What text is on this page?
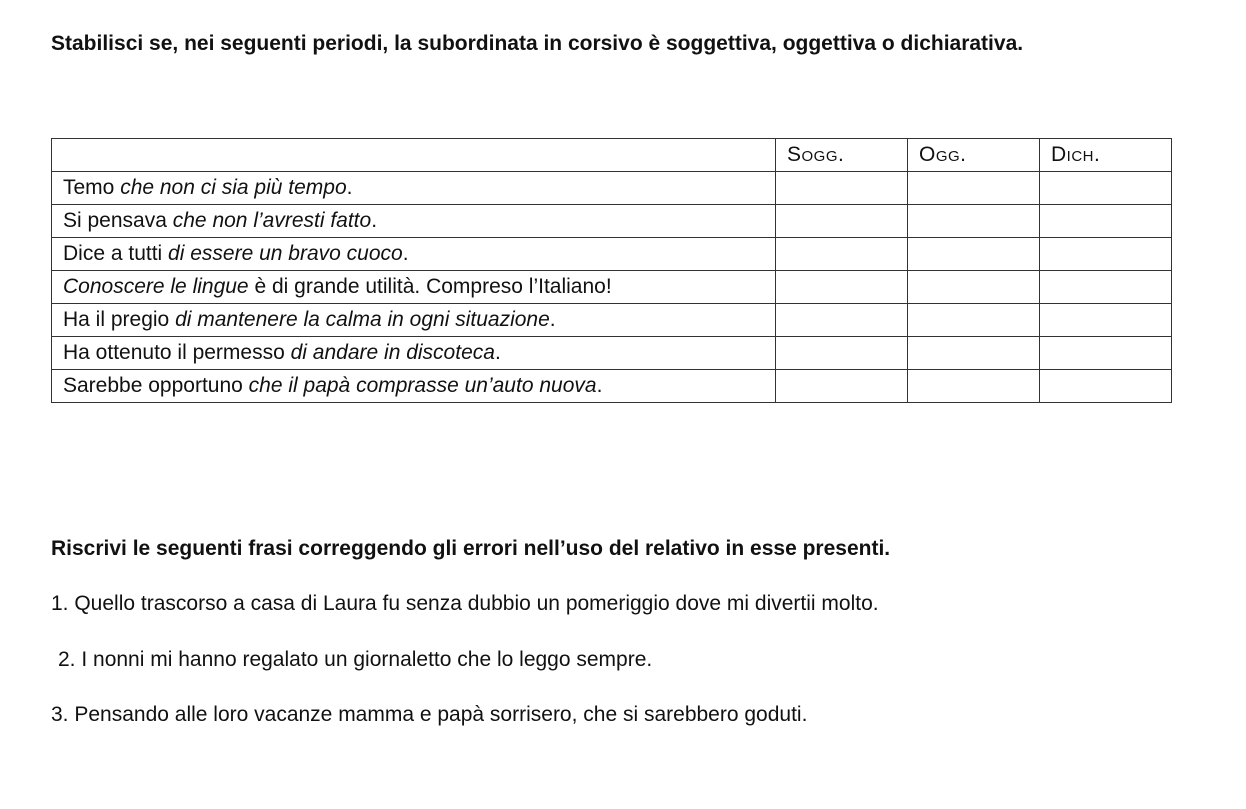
Stabilisci se, nei seguenti periodi, la subordinata in corsivo è soggettiva, oggettiva o dichiarativa.
	Sogg.	Ogg.	Dich.
Temo che non ci sia più tempo.			
Si pensava che non l’avresti fatto.			
Dice a tutti di essere un bravo cuoco.			
Conoscere le lingue è di grande utilità. Compreso l’Italiano!			
Ha il pregio di mantenere la calma in ogni situazione.			
Ha ottenuto il permesso di andare in discoteca.			
Sarebbe opportuno che il papà comprasse un’auto nuova.			
Riscrivi le seguenti frasi correggendo gli errori nell’uso del relativo in esse presenti.
1. Quello trascorso a casa di Laura fu senza dubbio un pomeriggio dove mi divertii molto.
2. I nonni mi hanno regalato un giornaletto che lo leggo sempre.
3. Pensando alle loro vacanze mamma e papà sorrisero, che si sarebbero goduti.
